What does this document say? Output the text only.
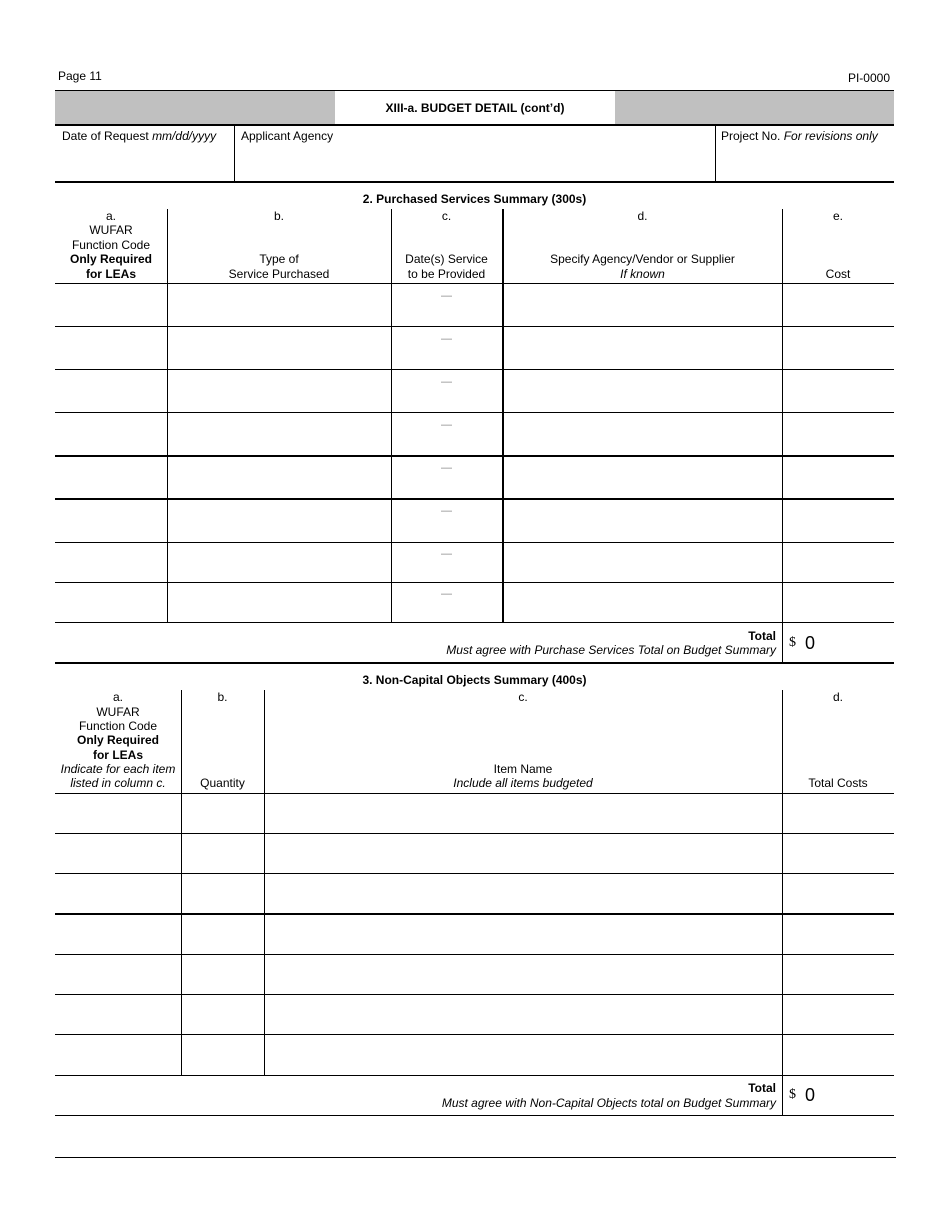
Page 11	PI-0000
XIII-a. BUDGET DETAIL (cont’d)
Date of Request mm/dd/yyyy Applicant Agency	Project No. For revisions only
2. Purchased Services Summary (300s)
a.
WUFAR
Function Code
Only Required
for LEAs
b.
Type of
Service Purchased
c.
Date(s) Service
to be Provided
d.
Specify Agency/Vendor or Supplier
If known
e.
Cost
—
—
—
—
—
—
—
—
Total
Must agree with Purchase Services Total on Budget Summary $ 0
3. Non-Capital Objects Summary (400s)
a.
WUFAR
Function Code
Only Required
for LEAs
Indicate for each item
listed in column c.
b.
Quantity
c.
Item Name
Include all items budgeted
d.
Total Costs
Total
Must agree with Non-Capital Objects total on Budget Summary
$ 0
